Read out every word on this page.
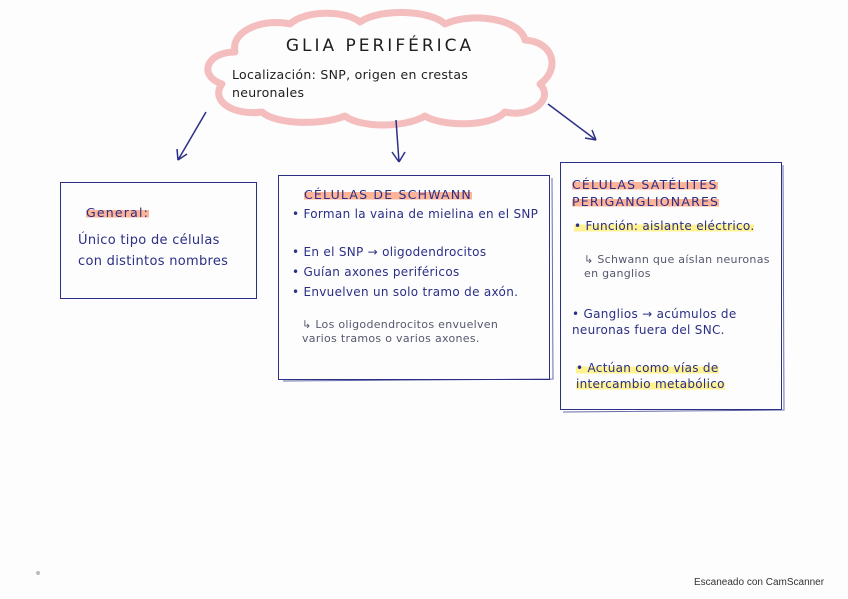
GLIA PERIFÉRICA
Localización: SNP, origen en crestas neuronales
General:
Único tipo de células con distintos nombres
CÉLULAS DE SCHWANN
• Forman la vaina de mielina en el SNP
• En el SNP → oligodendrocitos
• Guían axones periféricos
• Envuelven un solo tramo de axón.
↳ Los oligodendrocitos envuelven varios tramos o varios axones.
CÉLULAS SATÉLITES PERIGANGLIONARES
• Función: aislante eléctrico.
↳ Schwann que aíslan neuronas en ganglios
• Ganglios → acúmulos de neuronas fuera del SNC.
• Actúan como vías de intercambio metabólico
Escaneado con CamScanner
